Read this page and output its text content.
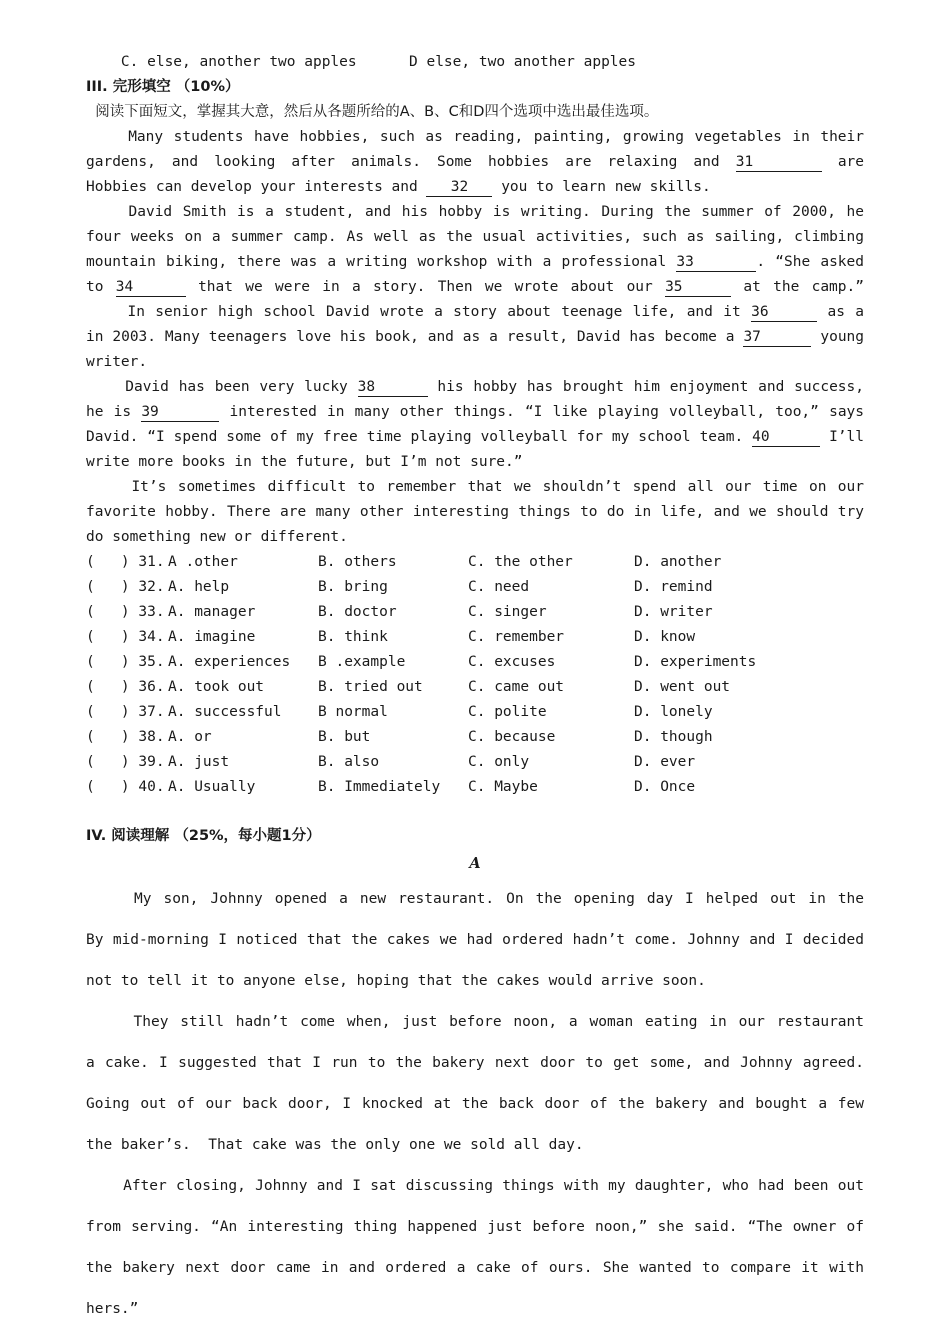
C. else, another two apples	D else, two another apples
III. 完形填空 （10%）
阅读下面短文，掌握其大意，然后从各题所给的A、B、C和D四个选项中选出最佳选项。
Many students have hobbies, such as reading, painting, growing vegetables in their
gardens, and looking after animals. Some hobbies are relaxing and 31	are
Hobbies can develop your interests and 32 you to learn new skills.
David Smith is a student, and his hobby is writing. During the summer of 2000, he
four weeks on a summer camp. As well as the usual activities, such as sailing, climbing
mountain biking, there was a writing workshop with a professional 33	. “She asked
to 34	that we were in a story. Then we wrote about our 35	at the camp.”
In senior high school David wrote a story about teenage life, and it 36	as a
in 2003. Many teenagers love his book, and as a result, David has become a 37	young
writer.
David has been very lucky 38	his hobby has brought him enjoyment and success,
he is 39	interested in many other things. “I like playing volleyball, too,” says
David. “I spend some of my free time playing volleyball for my school team. 40	I’ll
write more books in the future, but I’m not sure.”
It’s sometimes difficult to remember that we shouldn’t spend all our time on our
favorite hobby. There are many other interesting things to do in life, and we should try
do something new or different.
(   ) 31. A .other	B. others	C. the other	D. another
(   ) 32. A. help	B. bring	C. need	D. remind
(   ) 33. A. manager	B. doctor	C. singer	D. writer
(   ) 34. A. imagine	B. think	C. remember	D. know
(   ) 35. A. experiences	B .example	C. excuses	D. experiments
(   ) 36. A. took out	B. tried out	C. came out	D. went out
(   ) 37. A. successful	B normal	C. polite	D. lonely
(   ) 38. A. or	B. but	C. because	D. though
(   ) 39. A. just	B. also	C. only	D. ever
(   ) 40. A. Usually	B. Immediately	C. Maybe	D. Once
IV. 阅读理解 （25%，每小题1分）
A
My son, Johnny opened a new restaurant. On the opening day I helped out in the
By mid-morning I noticed that the cakes we had ordered hadn’t come. Johnny and I decided
not to tell it to anyone else, hoping that the cakes would arrive soon.
They still hadn’t come when, just before noon, a woman eating in our restaurant
a cake. I suggested that I run to the bakery next door to get some, and Johnny agreed.
Going out of our back door, I knocked at the back door of the bakery and bought a few
the baker’s.  That cake was the only one we sold all day.
After closing, Johnny and I sat discussing things with my daughter, who had been out
from serving. “An interesting thing happened just before noon,” she said. “The owner of
the bakery next door came in and ordered a cake of ours. She wanted to compare it with
hers.”
